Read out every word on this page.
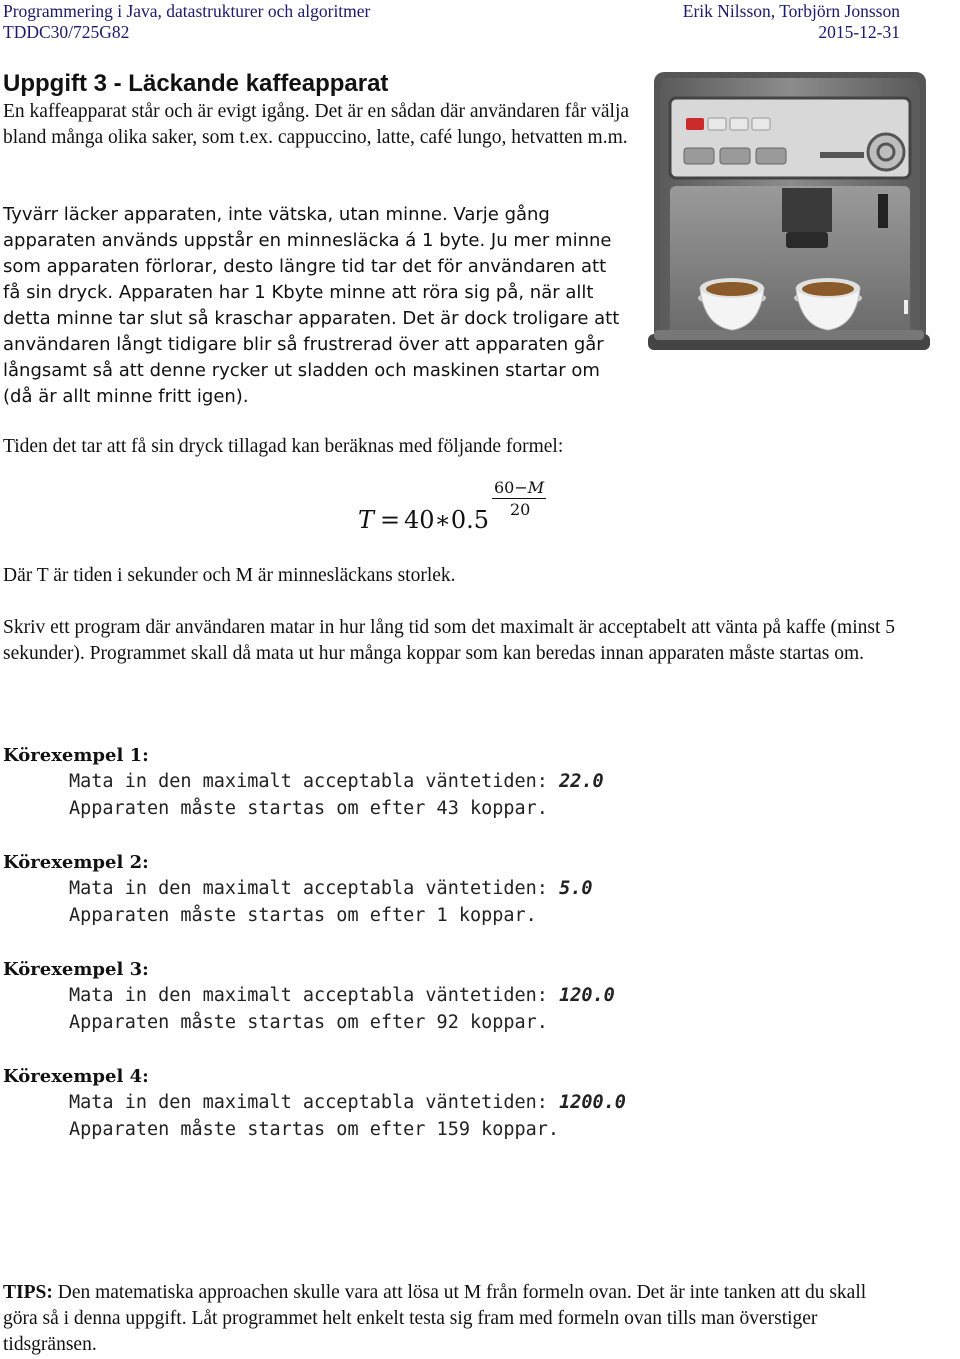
Programmering i Java, datastrukturer och algoritmer
TDDC30/725G82
Erik Nilsson, Torbjörn Jonsson
2015-12-31
Uppgift 3 - Läckande kaffeapparat

En kaffeapparat står och är evigt igång. Det är en sådan där användaren får välja bland många olika saker, som t.ex. cappuccino, latte, café lungo, hetvatten m.m.

Tyvärr läcker apparaten, inte vätska, utan minne. Varje gång apparaten används uppstår en minnesläcka á 1 byte. Ju mer minne som apparaten förlorar, desto längre tid tar det för användaren att få sin dryck. Apparaten har 1 Kbyte minne att röra sig på, när allt detta minne tar slut så kraschar apparaten. Det är dock troligare att användaren långt tidigare blir så frustrerad över att apparaten går långsamt så att denne rycker ut sladden och maskinen startar om (då är allt minne fritt igen).

Tiden det tar att få sin dryck tillagad kan beräknas med följande formel:

T = 40∗0.5
60−M
20

Där T är tiden i sekunder och M är minnesläckans storlek.

Skriv ett program där användaren matar in hur lång tid som det maximalt är acceptabelt att vänta på kaffe (minst 5 sekunder). Programmet skall då mata ut hur många koppar som kan beredas innan apparaten måste startas om.

Körexempel 1:

Mata in den maximalt acceptabla väntetiden: 22.0
Apparaten måste startas om efter 43 koppar.

Körexempel 2:

Mata in den maximalt acceptabla väntetiden: 5.0
Apparaten måste startas om efter 1 koppar.

Körexempel 3:

Mata in den maximalt acceptabla väntetiden: 120.0
Apparaten måste startas om efter 92 koppar.

Körexempel 4:

Mata in den maximalt acceptabla väntetiden: 1200.0
Apparaten måste startas om efter 159 koppar.

TIPS: Den matematiska approachen skulle vara att lösa ut M från formeln ovan. Det är inte tanken att du skall göra så i denna uppgift. Låt programmet helt enkelt testa sig fram med formeln ovan tills man överstiger tidsgränsen.
